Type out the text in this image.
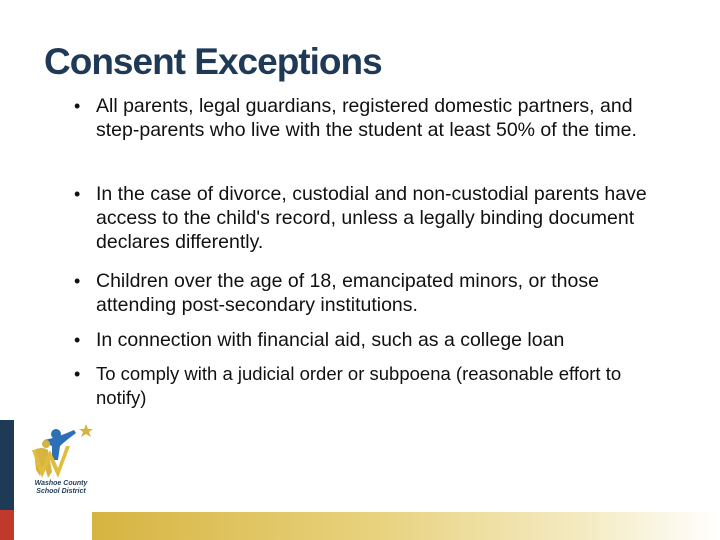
Consent Exceptions
• All parents, legal guardians, registered domestic partners, and step-parents who live with the student at least 50% of the time.
• In the case of divorce, custodial and non-custodial parents have access to the child's record, unless a legally binding document declares differently.
• Children over the age of 18, emancipated minors, or those attending post-secondary institutions.
• In connection with financial aid, such as a college loan
• To comply with a judicial order or subpoena (reasonable effort to notify)
Washoe County
School District
